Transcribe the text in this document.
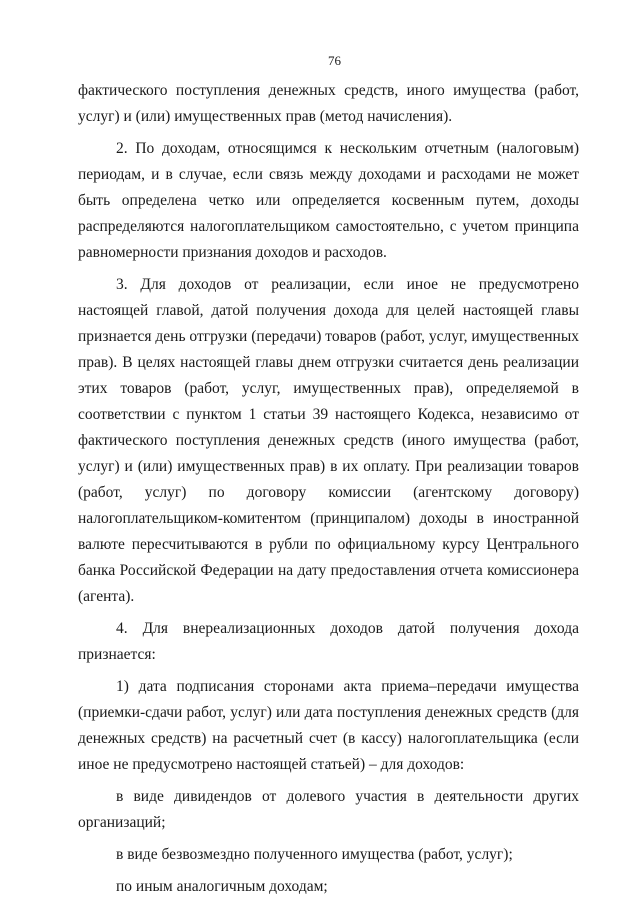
76

фактического поступления денежных средств, иного имущества (работ, услуг) и (или) имущественных прав (метод начисления).

2. По доходам, относящимся к нескольким отчетным (налоговым) периодам, и в случае, если связь между доходами и расходами не может быть определена четко или определяется косвенным путем, доходы распределяются налогоплательщиком самостоятельно, с учетом принципа равномерности признания доходов и расходов.

3. Для доходов от реализации, если иное не предусмотрено настоящей главой, датой получения дохода для целей настоящей главы признается день отгрузки (передачи) товаров (работ, услуг, имущественных прав). В целях настоящей главы днем отгрузки считается день реализации этих товаров (работ, услуг, имущественных прав), определяемой в соответствии с пунктом 1 статьи 39 настоящего Кодекса, независимо от фактического поступления денежных средств (иного имущества (работ, услуг) и (или) имущественных прав) в их оплату. При реализации товаров (работ, услуг) по договору комиссии (агентскому договору) налогоплательщиком-комитентом (принципалом) доходы в иностранной валюте пересчитываются в рубли по официальному курсу Центрального банка Российской Федерации на дату предоставления отчета комиссионера (агента).

4. Для внереализационных доходов датой получения дохода признается:

1) дата подписания сторонами акта приема–передачи имущества (приемки-сдачи работ, услуг) или дата поступления денежных средств (для денежных средств) на расчетный счет (в кассу) налогоплательщика (если иное не предусмотрено настоящей статьей) – для доходов:

в виде дивидендов от долевого участия в деятельности других организаций;

в виде безвозмездно полученного имущества (работ, услуг);

по иным аналогичным доходам;
